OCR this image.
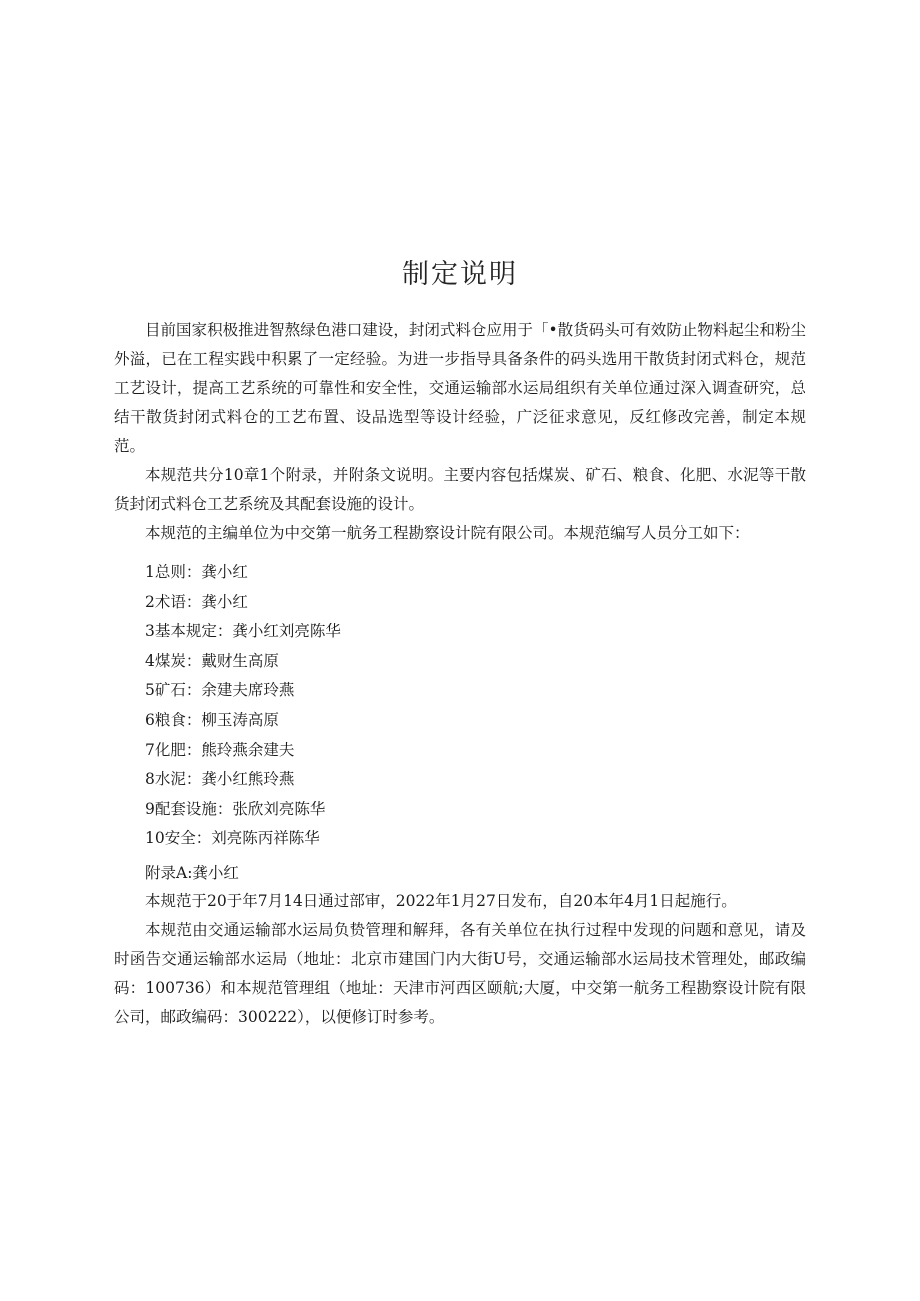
制定说明

目前国家积极推进智熬绿色港口建设，封闭式料仓应用于「•散货码头可有效防止物料起尘和粉尘外溢，已在工程实践中积累了一定经验。为进一步指导具备条件的码头选用干散货封闭式料仓，规范工艺设计，提高工艺系统的可靠性和安全性，交通运输部水运局组织有关单位通过深入调查研究，总结干散货封闭式料仓的工艺布置、设品选型等设计经验，广泛征求意见，反红修改完善，制定本规范。

本规范共分10章1个附录，并附条文说明。主要内容包括煤炭、矿石、粮食、化肥、水泥等干散货封闭式料仓工艺系统及其配套设施的设计。

本规范的主编单位为中交第一航务工程勘察设计院有限公司。本规范编写人员分工如下：

1总则：龚小红
2术语：龚小红
3基本规定：龚小红刘亮陈华
4煤炭：戴财生高原
5矿石：余建夫席玲燕
6粮食：柳玉涛高原
7化肥：熊玲燕余建夫
8水泥：龚小红熊玲燕
9配套设施：张欣刘亮陈华
10安全：刘亮陈丙祥陈华

附录A:龚小红

本规范于20于年7月14日通过部审，2022年1月27日发布，自20本年4月1日起施行。

本规范由交通运输部水运局负贽管理和解拜，各有关单位在执行过程中发现的问题和意见，请及时函告交通运输部水运局（地址：北京市建国门内大街U号，交通运输部水运局技术管理处，邮政编码：100736）和本规范管理组（地址：天津市河西区颐航;大厦，中交第一航务工程勘察设计院有限公司，邮政编码：300222），以便修订时参考。
